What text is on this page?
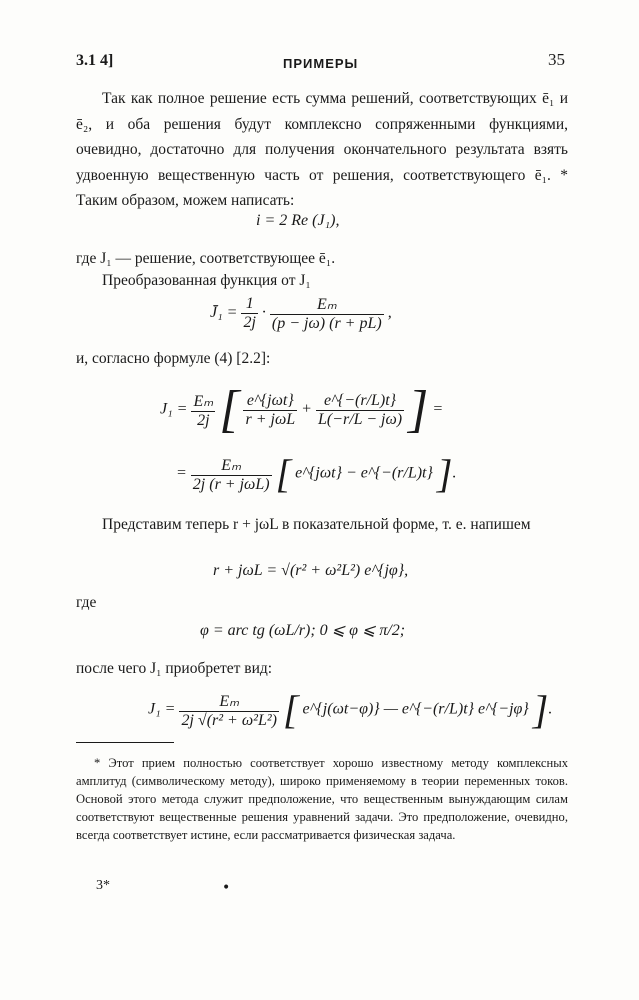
3.1 4]	ПРИМЕРЫ	35
Так как полное решение есть сумма решений, соответствующих ē₁ и ē₂, и оба решения будут комплексно сопряженными функциями, очевидно, достаточно для получения окончательного результата взять удвоенную вещественную часть от решения, соответствующего ē₁. * Таким образом, можем написать:
i = 2 Re (J₁),
где J₁ — решение, соответствующее ē₁.
Преобразованная функция от J₁
J̄₁ = $\frac{1}{2j} \cdot \frac{\text{Eₘ}}{(p - j\omega) (r + pL)}$ ,
и, согласно формуле (4) [2.2]:
$J_1 = \frac{\text{Eₘ}}{2j}$ [ $\frac{\text{e\textasciicircum{}\{jωt\}}}{\text{r + jωL}} + \frac{e\^{}\{-(r/L)t\}}{L(-r/L - j\omega)}$ ] =
= $\frac{\text{Eₘ}}{\text{2j (r + jωL)}}$ [ e^{jωt} − e^{−(r/L)t} ].
Представим теперь r + jωL в показательной форме, т. е. напишем
r + jωL = √(r² + ω²L²) e^{jφ},
где
φ = arc tg (ωL/r); 0 ⩽ φ ⩽ π/2;
после чего J₁ приобретет вид:
$J_1 = \frac{\text{Eₘ}}{\text{2j √(r² + ω²L²)}}$ [ e^{j(ωt−φ)} — e^{−(r/L)t} e^{−jφ} ].
* Этот прием полностью соответствует хорошо известному методу комплексных амплитуд (символическому методу), широко применяемому в теории переменных токов. Основой этого метода служит предположение, что вещественным вынуждающим силам соответствуют вещественные решения уравнений задачи. Это предположение, очевидно, всегда соответствует истине, если рассматривается физическая задача.
3*	•
